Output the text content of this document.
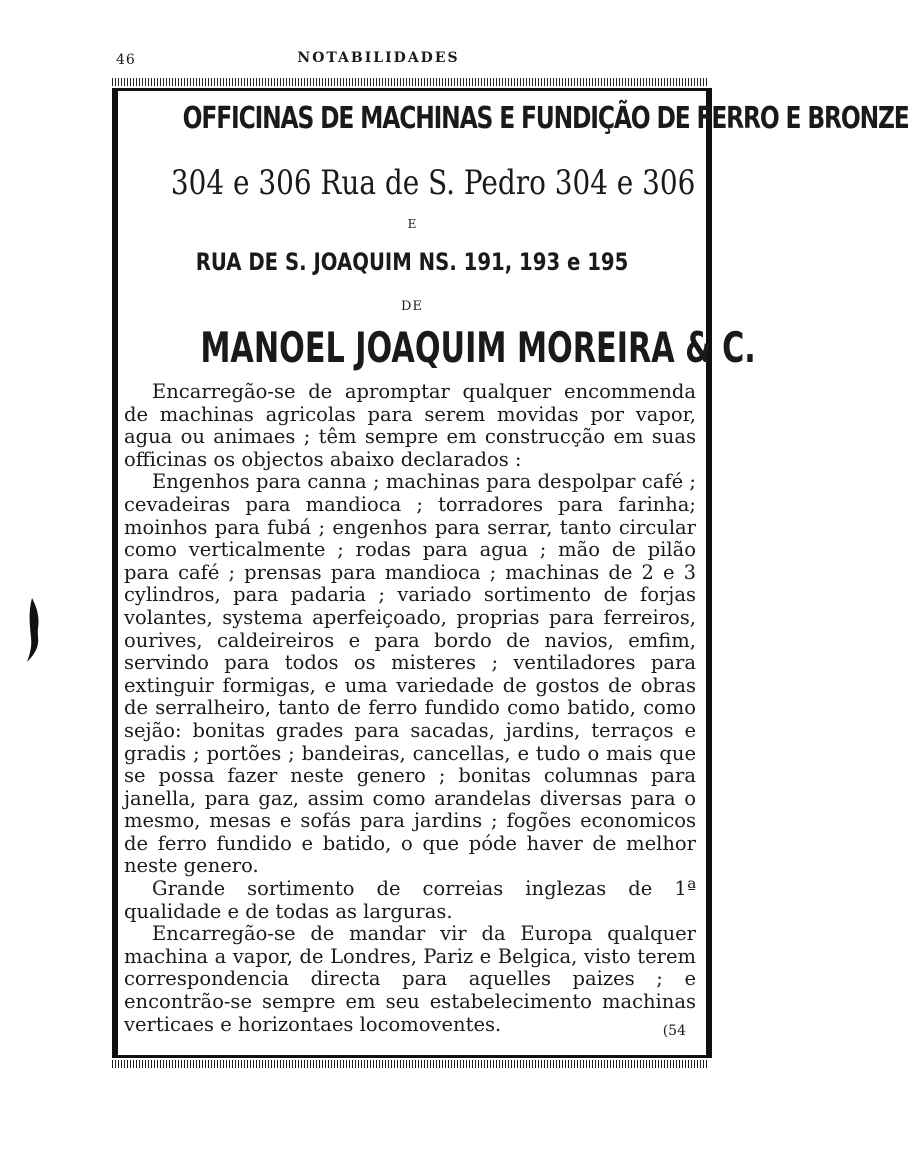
46	NOTABILIDADES
OFFICINAS DE MACHINAS E FUNDIÇÃO DE FERRO E BRONZE
304 e 306 Rua de S. Pedro 304 e 306
E
RUA DE S. JOAQUIM NS. 191, 193 e 195
DE
MANOEL JOAQUIM MOREIRA & C.

Encarregão-se de apromptar qualquer encommenda de machinas agricolas para serem movidas por vapor, agua ou animaes ; têm sempre em construcção em suas officinas os objectos abaixo declarados :

Engenhos para canna ; machinas para despolpar café ; cevadeiras para mandioca ; torradores para farinha; moinhos para fubá ; engenhos para serrar, tanto circular como verticalmente ; rodas para agua ; mão de pilão para café ; prensas para mandioca ; machinas de 2 e 3 cylindros, para padaria ; variado sortimento de forjas volantes, systema aperfeiçoado, proprias para ferreiros, ourives, caldeireiros e para bordo de navios, emfim, servindo para todos os misteres ; ventiladores para extinguir formigas, e uma variedade de gostos de obras de serralheiro, tanto de ferro fundido como batido, como sejão: bonitas grades para sacadas, jardins, terraços e gradis ; portões ; bandeiras, cancellas, e tudo o mais que se possa fazer neste genero ; bonitas columnas para janella, para gaz, assim como arandelas diversas para o mesmo, mesas e sofás para jardins ; fogões economicos de ferro fundido e batido, o que póde haver de melhor neste genero.

Grande sortimento de correias inglezas de 1ª qualidade e de todas as larguras.

Encarregão-se de mandar vir da Europa qualquer machina a vapor, de Londres, Pariz e Belgica, visto terem correspondencia directa para aquelles paizes ; e encontrão-se sempre em seu estabelecimento machinas verticaes e horizontaes locomoventes.	(54
